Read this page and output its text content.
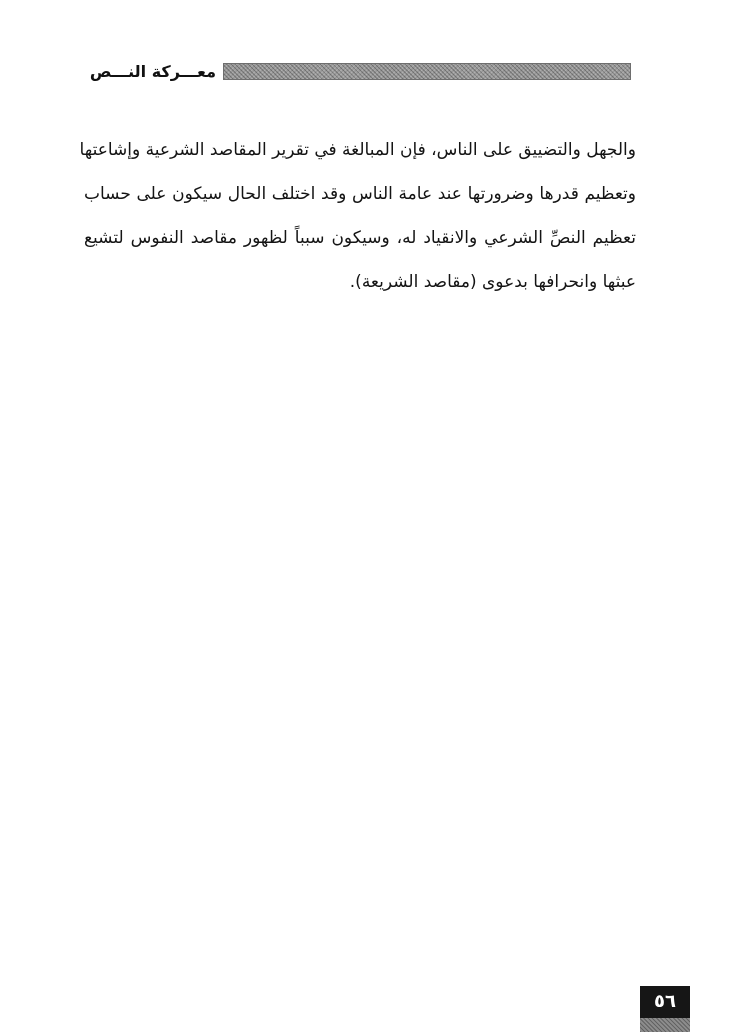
معـــركة النـــص
والجهل والتضييق على الناس، فإن المبالغة في تقرير المقاصد الشرعية وإشاعتها
وتعظيم قدرها وضرورتها عند عامة الناس وقد اختلف الحال سيكون على حساب
تعظيم النصِّ الشرعي والانقياد له، وسيكون سبباً لظهور مقاصد النفوس لتشيع
عبثها وانحرافها بدعوى (مقاصد الشريعة).
٥٦
